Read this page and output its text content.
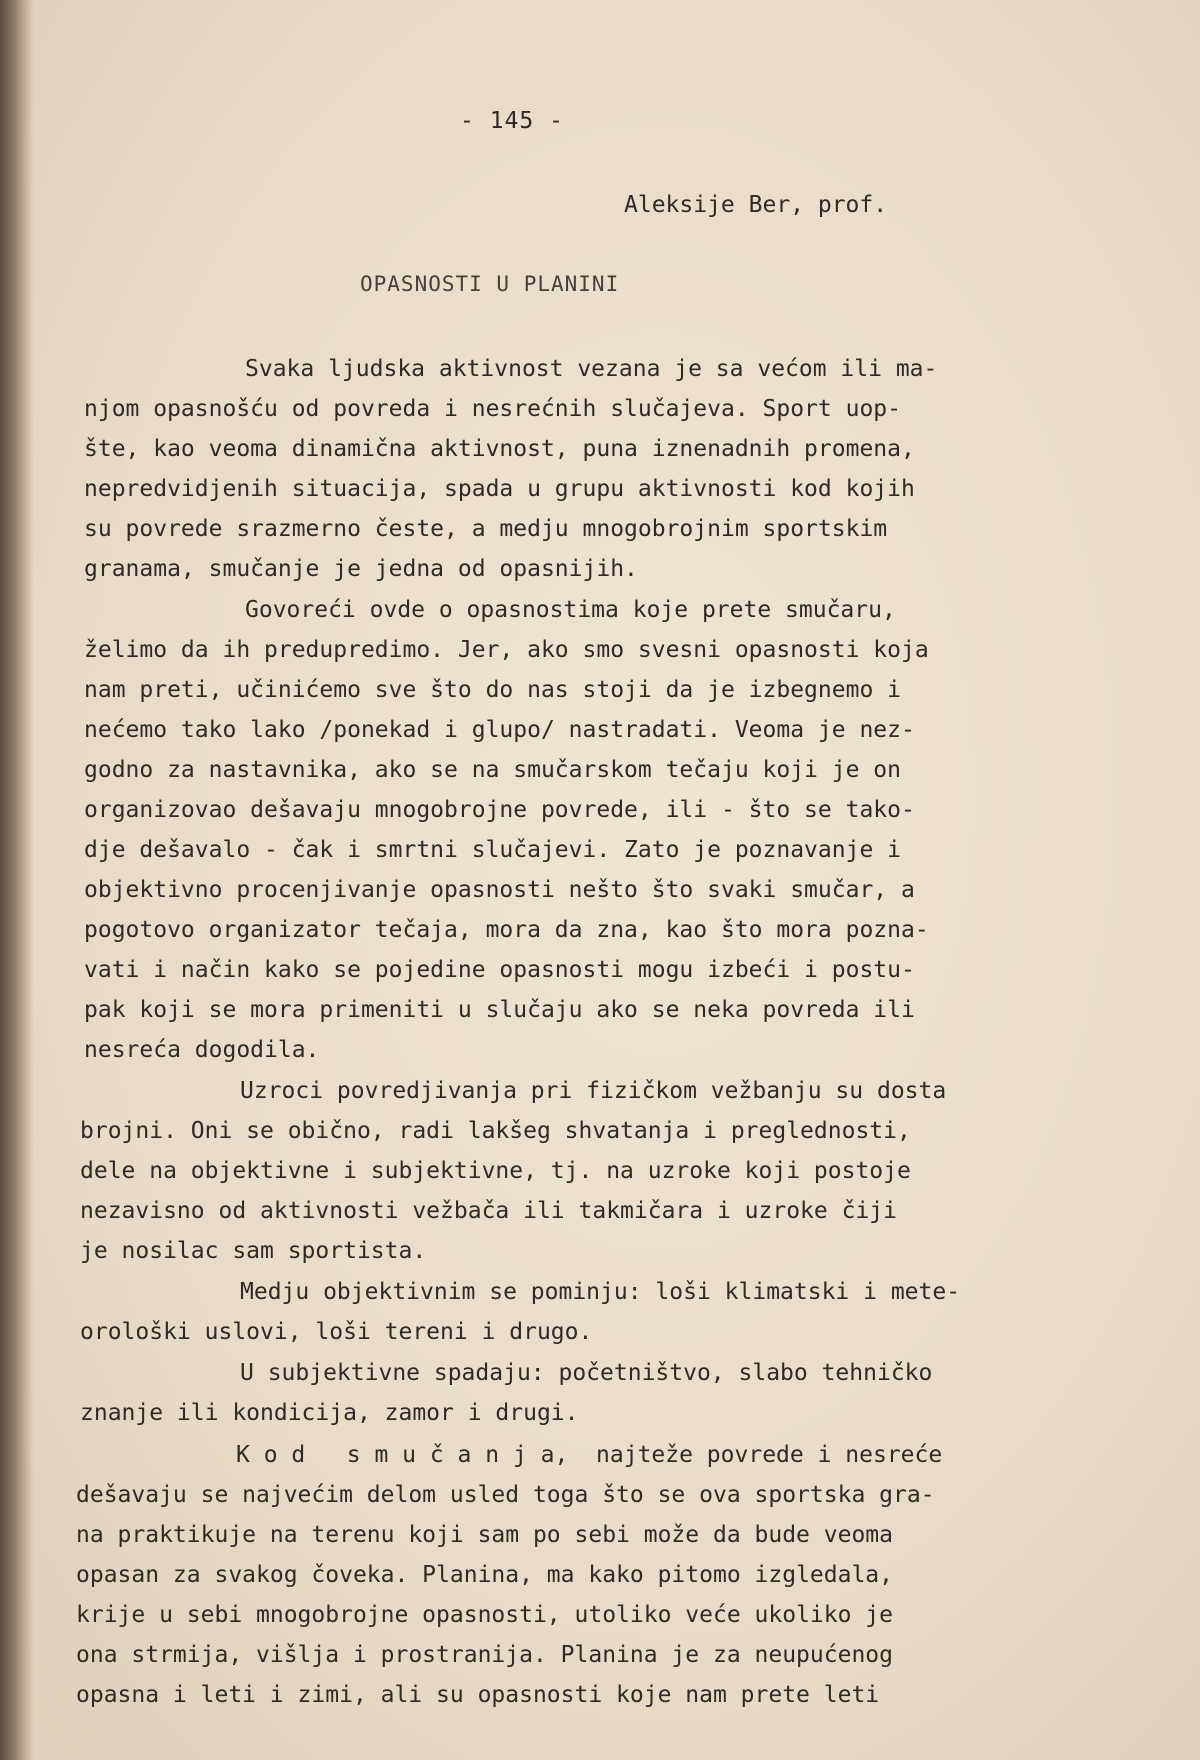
- 145 -
Aleksije Ber, prof.
OPASNOSTI U PLANINI
Svaka ljudska aktivnost vezana je sa većom ili ma-
njom opasnošću od povreda i nesrećnih slučajeva. Sport uop-
šte, kao veoma dinamična aktivnost, puna iznenadnih promena,
nepredvidjenih situacija, spada u grupu aktivnosti kod kojih
su povrede srazmerno česte, a medju mnogobrojnim sportskim
granama, smučanje je jedna od opasnijih.
Govoreći ovde o opasnostima koje prete smučaru,
želimo da ih predupredimo. Jer, ako smo svesni opasnosti koja
nam preti, učinićemo sve što do nas stoji da je izbegnemo i
nećemo tako lako /ponekad i glupo/ nastradati. Veoma je nez-
godno za nastavnika, ako se na smučarskom tečaju koji je on
organizovao dešavaju mnogobrojne povrede, ili - što se tako-
dje dešavalo - čak i smrtni slučajevi. Zato je poznavanje i
objektivno procenjivanje opasnosti nešto što svaki smučar, a
pogotovo organizator tečaja, mora da zna, kao što mora pozna-
vati i način kako se pojedine opasnosti mogu izbeći i postu-
pak koji se mora primeniti u slučaju ako se neka povreda ili
nesreća dogodila.
Uzroci povredjivanja pri fizičkom vežbanju su dosta
brojni. Oni se obično, radi lakšeg shvatanja i preglednosti,
dele na objektivne i subjektivne, tj. na uzroke koji postoje
nezavisno od aktivnosti vežbača ili takmičara i uzroke čiji
je nosilac sam sportista.
Medju objektivnim se pominju: loši klimatski i mete-
orološki uslovi, loši tereni i drugo.
U subjektivne spadaju: početništvo, slabo tehničko
znanje ili kondicija, zamor i drugi.
K o d   s m u č a n j a,  najteže povrede i nesreće
dešavaju se najvećim delom usled toga što se ova sportska gra-
na praktikuje na terenu koji sam po sebi može da bude veoma
opasan za svakog čoveka. Planina, ma kako pitomo izgledala,
krije u sebi mnogobrojne opasnosti, utoliko veće ukoliko je
ona strmija, višlja i prostranija. Planina je za neupućenog
opasna i leti i zimi, ali su opasnosti koje nam prete leti
